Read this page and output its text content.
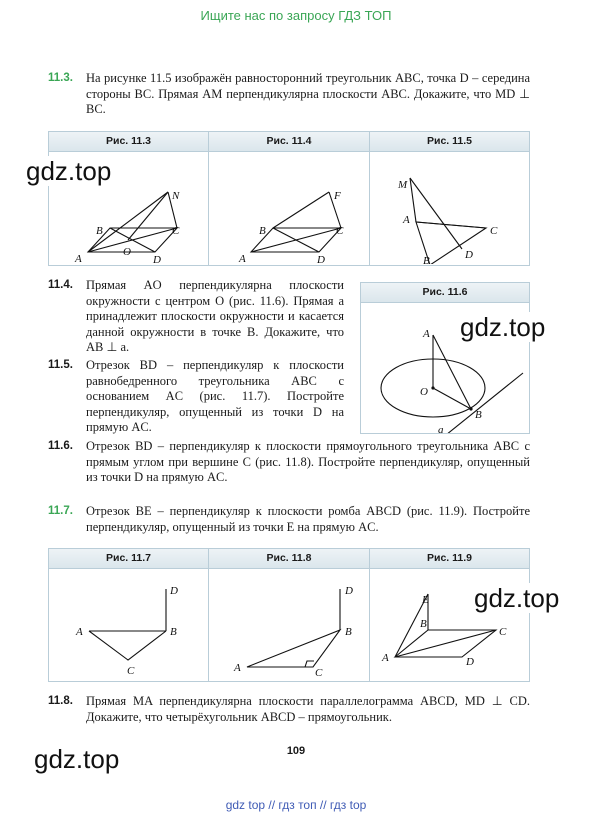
Ищите нас по запросу ГДЗ ТОП
11.3. На рисунке 11.5 изображён равносторонний треугольник ABC, точка D – середина стороны BC. Прямая AM перпендикулярна плоскости ABC. Докажите, что MD ⊥ BC.
Рис. 11.3
N
B	C
A
O
D
Рис. 11.4
F
B	C
A	D
Рис. 11.5
M
A
C
D
B
gdz.top
11.4. Прямая AO перпендикулярна плоскости окружности с центром O (рис. 11.6). Прямая a принадлежит плоскости окружности и касается данной окружности в точке B. Докажите, что AB ⊥ a.
11.5. Отрезок BD – перпендикуляр к плоскости равнобедренного треугольника ABC с основанием AC (рис. 11.7). Постройте перпендикуляр, опущенный из точки D на прямую AC.
Рис. 11.6
A
O
B
a
gdz.top
11.6. Отрезок BD – перпендикуляр к плоскости прямоугольного треугольника ABC с прямым углом при вершине C (рис. 11.8). Постройте перпендикуляр, опущенный из точки D на прямую AC.
11.7. Отрезок BE – перпендикуляр к плоскости ромба ABCD (рис. 11.9). Постройте перпендикуляр, опущенный из точки E на прямую AC.
Рис. 11.7
D
A	B
C
Рис. 11.8
D
B
A	C
Рис. 11.9
E
B
C
A	D
gdz.top
11.8. Прямая MA перпендикулярна плоскости параллелограмма ABCD, MD ⊥ CD. Докажите, что четырёхугольник ABCD – прямоугольник.
gdz.top	109
gdz top // гдз топ // гдз top
